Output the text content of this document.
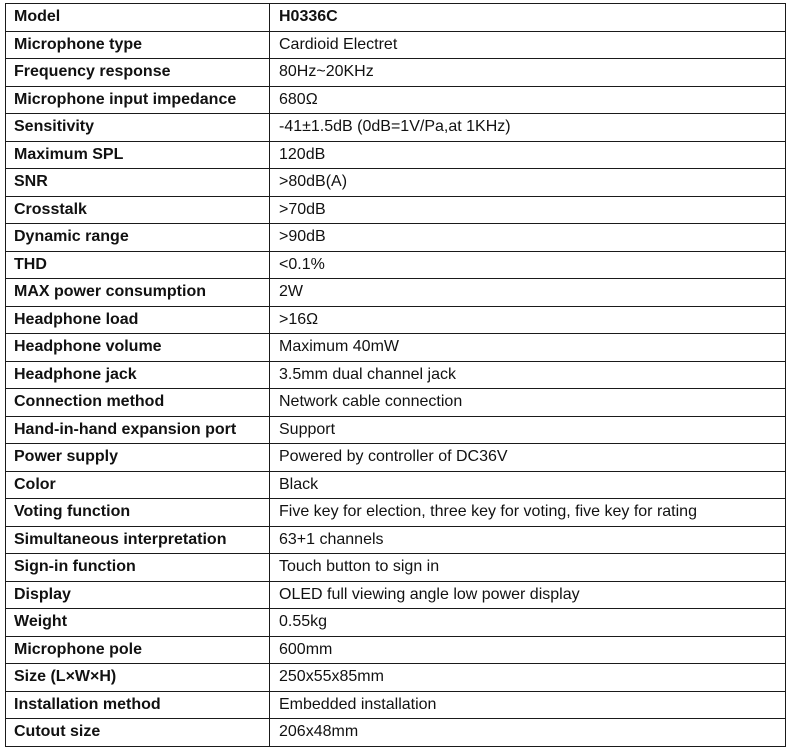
Model	H0336C
Microphone type	Cardioid Electret
Frequency response	80Hz~20KHz
Microphone input impedance	680Ω
Sensitivity	-41±1.5dB (0dB=1V/Pa,at 1KHz)
Maximum SPL	120dB
SNR	>80dB(A)
Crosstalk	>70dB
Dynamic range	>90dB
THD	<0.1%
MAX power consumption	2W
Headphone load	>16Ω
Headphone volume	Maximum 40mW
Headphone jack	3.5mm dual channel jack
Connection method	Network cable connection
Hand-in-hand expansion port	Support
Power supply	Powered by controller of DC36V
Color	Black
Voting function	Five key for election, three key for voting, five key for rating
Simultaneous interpretation	63+1 channels
Sign-in function	Touch button to sign in
Display	OLED full viewing angle low power display
Weight	0.55kg
Microphone pole	600mm
Size (L×W×H)	250x55x85mm
Installation method	Embedded installation
Cutout size	206x48mm
